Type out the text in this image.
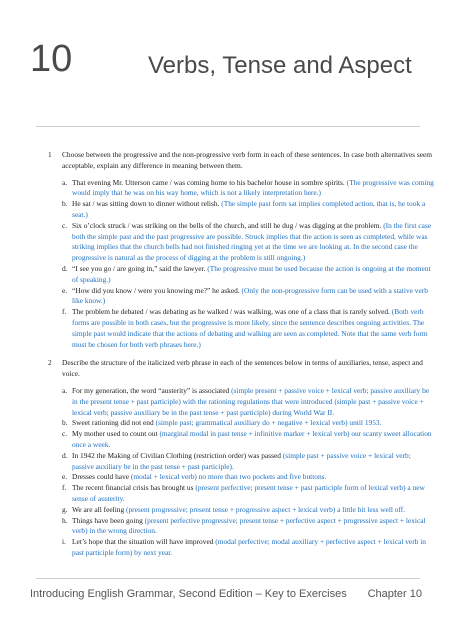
10	Verbs, Tense and Aspect
1	Choose between the progressive and the non-progressive verb form in each of these sentences. In case both alternatives seem acceptable, explain any difference in meaning between them.
a. That evening Mr. Utterson came / was coming home to his bachelor house in sombre spirits. (The progressive was coming would imply that he was on his way home, which is not a likely interpretation here.)
b. He sat / was sitting down to dinner without relish. (The simple past form sat implies completed action, that is, he took a seat.)
c. Six o’clock struck / was striking on the bells of the church, and still he dug / was digging at the problem. (In the first case both the simple past and the past progressive are possible. Struck implies that the action is seen as completed, while was striking implies that the church bells had not finished ringing yet at the time we are looking at. In the second case the progressive is natural as the process of digging at the problem is still ongoing.)
d. “I see you go / are going in,” said the lawyer. (The progressive must be used because the action is ongoing at the moment of speaking.)
e. “How did you know / were you knowing me?” he asked. (Only the non-progressive form can be used with a stative verb like know.)
f. The problem he debated / was debating as he walked / was walking, was one of a class that is rarely solved. (Both verb forms are possible in both cases, but the progressive is more likely, since the sentence describes ongoing activities. The simple past would indicate that the actions of debating and walking are seen as completed. Note that the same verb form must be chosen for both verb phrases here.)
2	Describe the structure of the italicized verb phrase in each of the sentences below in terms of auxiliaries, tense, aspect and voice.
a. For my generation, the word “austerity” is associated (simple present + passive voice + lexical verb; passive auxiliary be in the present tense + past participle) with the rationing regulations that were introduced (simple past + passive voice + lexical verb; passive auxiliary be in the past tense + past participle) during World War II.
b. Sweet rationing did not end (simple past; grammatical auxiliary do + negative + lexical verb) until 1953.
c. My mother used to count out (marginal modal in past tense + infinitive marker + lexical verb) our scanty sweet allocation once a week.
d. In 1942 the Making of Civilian Clothing (restriction order) was passed (simple past + passive voice + lexical verb; passive auxiliary be in the past tense + past participle).
e. Dresses could have (modal + lexical verb) no more than two pockets and five buttons.
f. The recent financial crisis has brought us (present perfective; present tense + past participle form of lexical verb) a new sense of austerity.
g. We are all feeling (present progressive; present tense + progressive aspect + lexical verb) a little bit less well off.
h. Things have been going (present perfective progressive; present tense + perfective aspect + progressive aspect + lexical verb) in the wrong direction.
i. Let’s hope that the situation will have improved (modal perfective; modal auxiliary + perfective aspect + lexical verb in past participle form) by next year.
Introducing English Grammar, Second Edition – Key to Exercises Chapter 10
